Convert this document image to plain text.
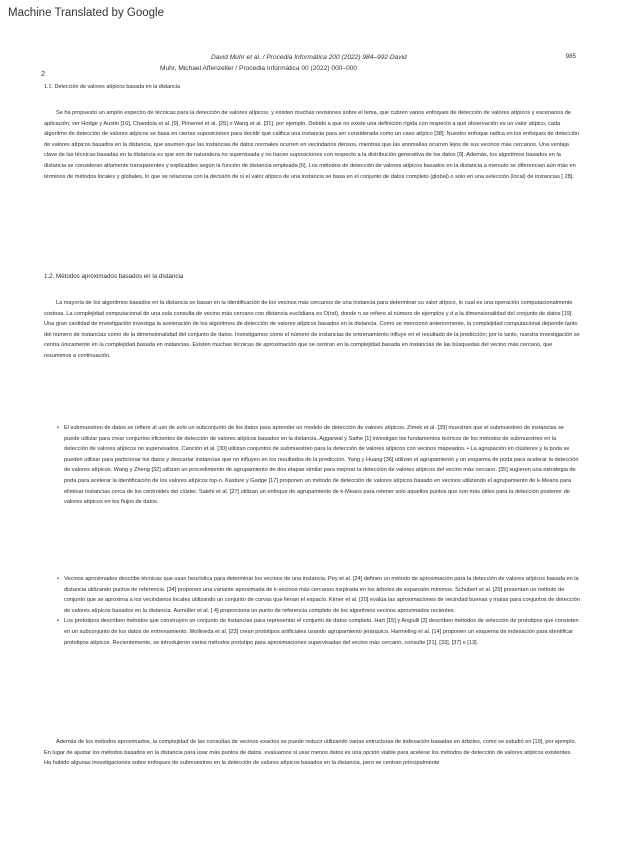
Machine Translated by Google
985
David Muhr et al. / Procedia Informática 200 (2022) 984–992 David
2
Muhr, Michael Affenzeller / Procedia Informática 00 (2022) 000–000

1.1. Detección de valores atípicos basada en la distancia

Se ha propuesto un amplio espectro de técnicas para la detección de valores atípicos, y existen muchas revisiones sobre el tema, que cubren varios enfoques de detección de valores atípicos y escenarios de aplicación; ver Hodge y Austin [16], Chandola et al. [9], Pimentel et al. [25] o Wang et al. [31], por ejemplo. Debido a que no existe una definición rígida con respecto a qué observación es un valor atípico, cada algoritmo de detección de valores atípicos se basa en ciertas suposiciones para decidir qué califica una instancia para ser considerada como un caso atípico [38]. Nuestro enfoque radica en los enfoques de detección de valores atípicos basados en la distancia, que asumen que las instancias de datos normales ocurren en vecindarios densos, mientras que las anomalías ocurren lejos de sus vecinos más cercanos. Una ventaja clave de las técnicas basadas en la distancia es que son de naturaleza no supervisada y no hacen suposiciones con respecto a la distribución generativa de los datos [9]. Además, los algoritmos basados en la distancia se consideran altamente transparentes y explicables según la función de distancia empleada [6]. Los métodos de detección de valores atípicos basados en la distancia a menudo se diferencian aún más en términos de métodos locales y globales, lo que se relaciona con la decisión de si el valor atípico de una instancia se basa en el conjunto de datos completo (global) o solo en una selección (local) de instancias [ 28].

1.2. Métodos aproximados basados en la distancia

La mayoría de los algoritmos basados en la distancia se basan en la identificación de los vecinos más cercanos de una instancia para determinar su valor atípico, lo cual es una operación computacionalmente costosa. La complejidad computacional de una sola consulta de vecino más cercano con distancia euclidiana es O(nd), donde n se refiere al número de ejemplos y d a la dimensionalidad del conjunto de datos [19]. Una gran cantidad de investigación investiga la aceleración de los algoritmos de detección de valores atípicos basados en la distancia. Como se mencionó anteriormente, la complejidad computacional depende tanto del número de instancias como de la dimensionalidad del conjunto de datos. Investigamos cómo el número de instancias de entrenamiento influye en el resultado de la predicción; por lo tanto, nuestra investigación se centra únicamente en la complejidad basada en instancias. Existen muchas técnicas de aproximación que se centran en la complejidad basada en instancias de las búsquedas del vecino más cercano, que resumimos a continuación.

• El submuestreo de datos se refiere al uso de solo un subconjunto de los datos para aprender un modelo de detección de valores atípicos. Zimek et al. [39] muestran que el submuestreo de instancias se puede utilizar para crear conjuntos eficientes de detección de valores atípicos basados en la distancia. Aggarwal y Sathe [1] investigan los fundamentos teóricos de los métodos de submuestreo en la detección de valores atípicos no supervisados. Canción et al. [30] utilizan conjuntos de submuestreo para la detección de valores atípicos con vecinos mapeados. • La agrupación en clústeres y la poda se pueden utilizar para particionar los datos y descartar instancias que no influyen en los resultados de la predicción. Yang y Huang [36] utilizan el agrupamiento y un esquema de poda para acelerar la detección de valores atípicos. Wang y Zheng [32] utilizan un procedimiento de agrupamiento de dos etapas similar para mejorar la detección de valores atípicos del vecino más cercano. [35] sugieren una estrategia de poda para acelerar la identificación de los valores atípicos top-n. Kasture y Gadge [17] proponen un método de detección de valores atípicos basado en vecinos utilizando el agrupamiento de k-Means para eliminar instancias cerca de los centroides del clúster. Salehi et al. [27] utilizan un enfoque de agrupamiento de k-Means para retener solo aquellos puntos que son más útiles para la detección posterior de valores atípicos en los flujos de datos.
• Vecinos aproximados describe técnicas que usan heurística para determinar los vecinos de una instancia. Pey et al. [24] definen un método de aproximación para la detección de valores atípicos basada en la distancia utilizando puntos de referencia. [34] proponen una variante aproximada de k-vecinos más cercanos inspirada en los árboles de expansión mínimos. Schubert et al. [29] presentan un método de conjunto que se aproxima a los vecindarios locales utilizando un conjunto de curvas que llenan el espacio. Kirner et al. [20] evalúa las aproximaciones de vecindad buenas y malas para conjuntos de detección de valores atípicos basados en la distancia. Aumüller et al. [ 4] proporciona un punto de referencia completo de los algoritmos vecinos aproximados recientes.
• Los prototipos describen métodos que construyen un conjunto de instancias para representar el conjunto de datos completo. Hart [15] y Angiulli [3] describen métodos de selección de prototipos que consisten en un subconjunto de los datos de entrenamiento. Mollineda et al. [23] crean prototipos artificiales usando agrupamiento jerárquico. Harmeling et al. [14] proponen un esquema de indexación para identificar prototipos atípicos. Recientemente, se introdujeron varios métodos prototipo para aproximaciones supervisadas del vecino más cercano, consulte [21], [33], [37] o [13].

Además de los métodos aproximados, la complejidad de las consultas de vecinos exactos se puede reducir utilizando varias estructuras de indexación basadas en árboles, como se estudió en [19], por ejemplo. En lugar de ajustar los métodos basados en la distancia para usar más puntos de datos, evaluamos si usar menos datos es una opción viable para acelerar los métodos de detección de valores atípicos existentes. Ha habido algunas investigaciones sobre enfoques de submuestreo en la detección de valores atípicos basados en la distancia, pero se centran principalmente
